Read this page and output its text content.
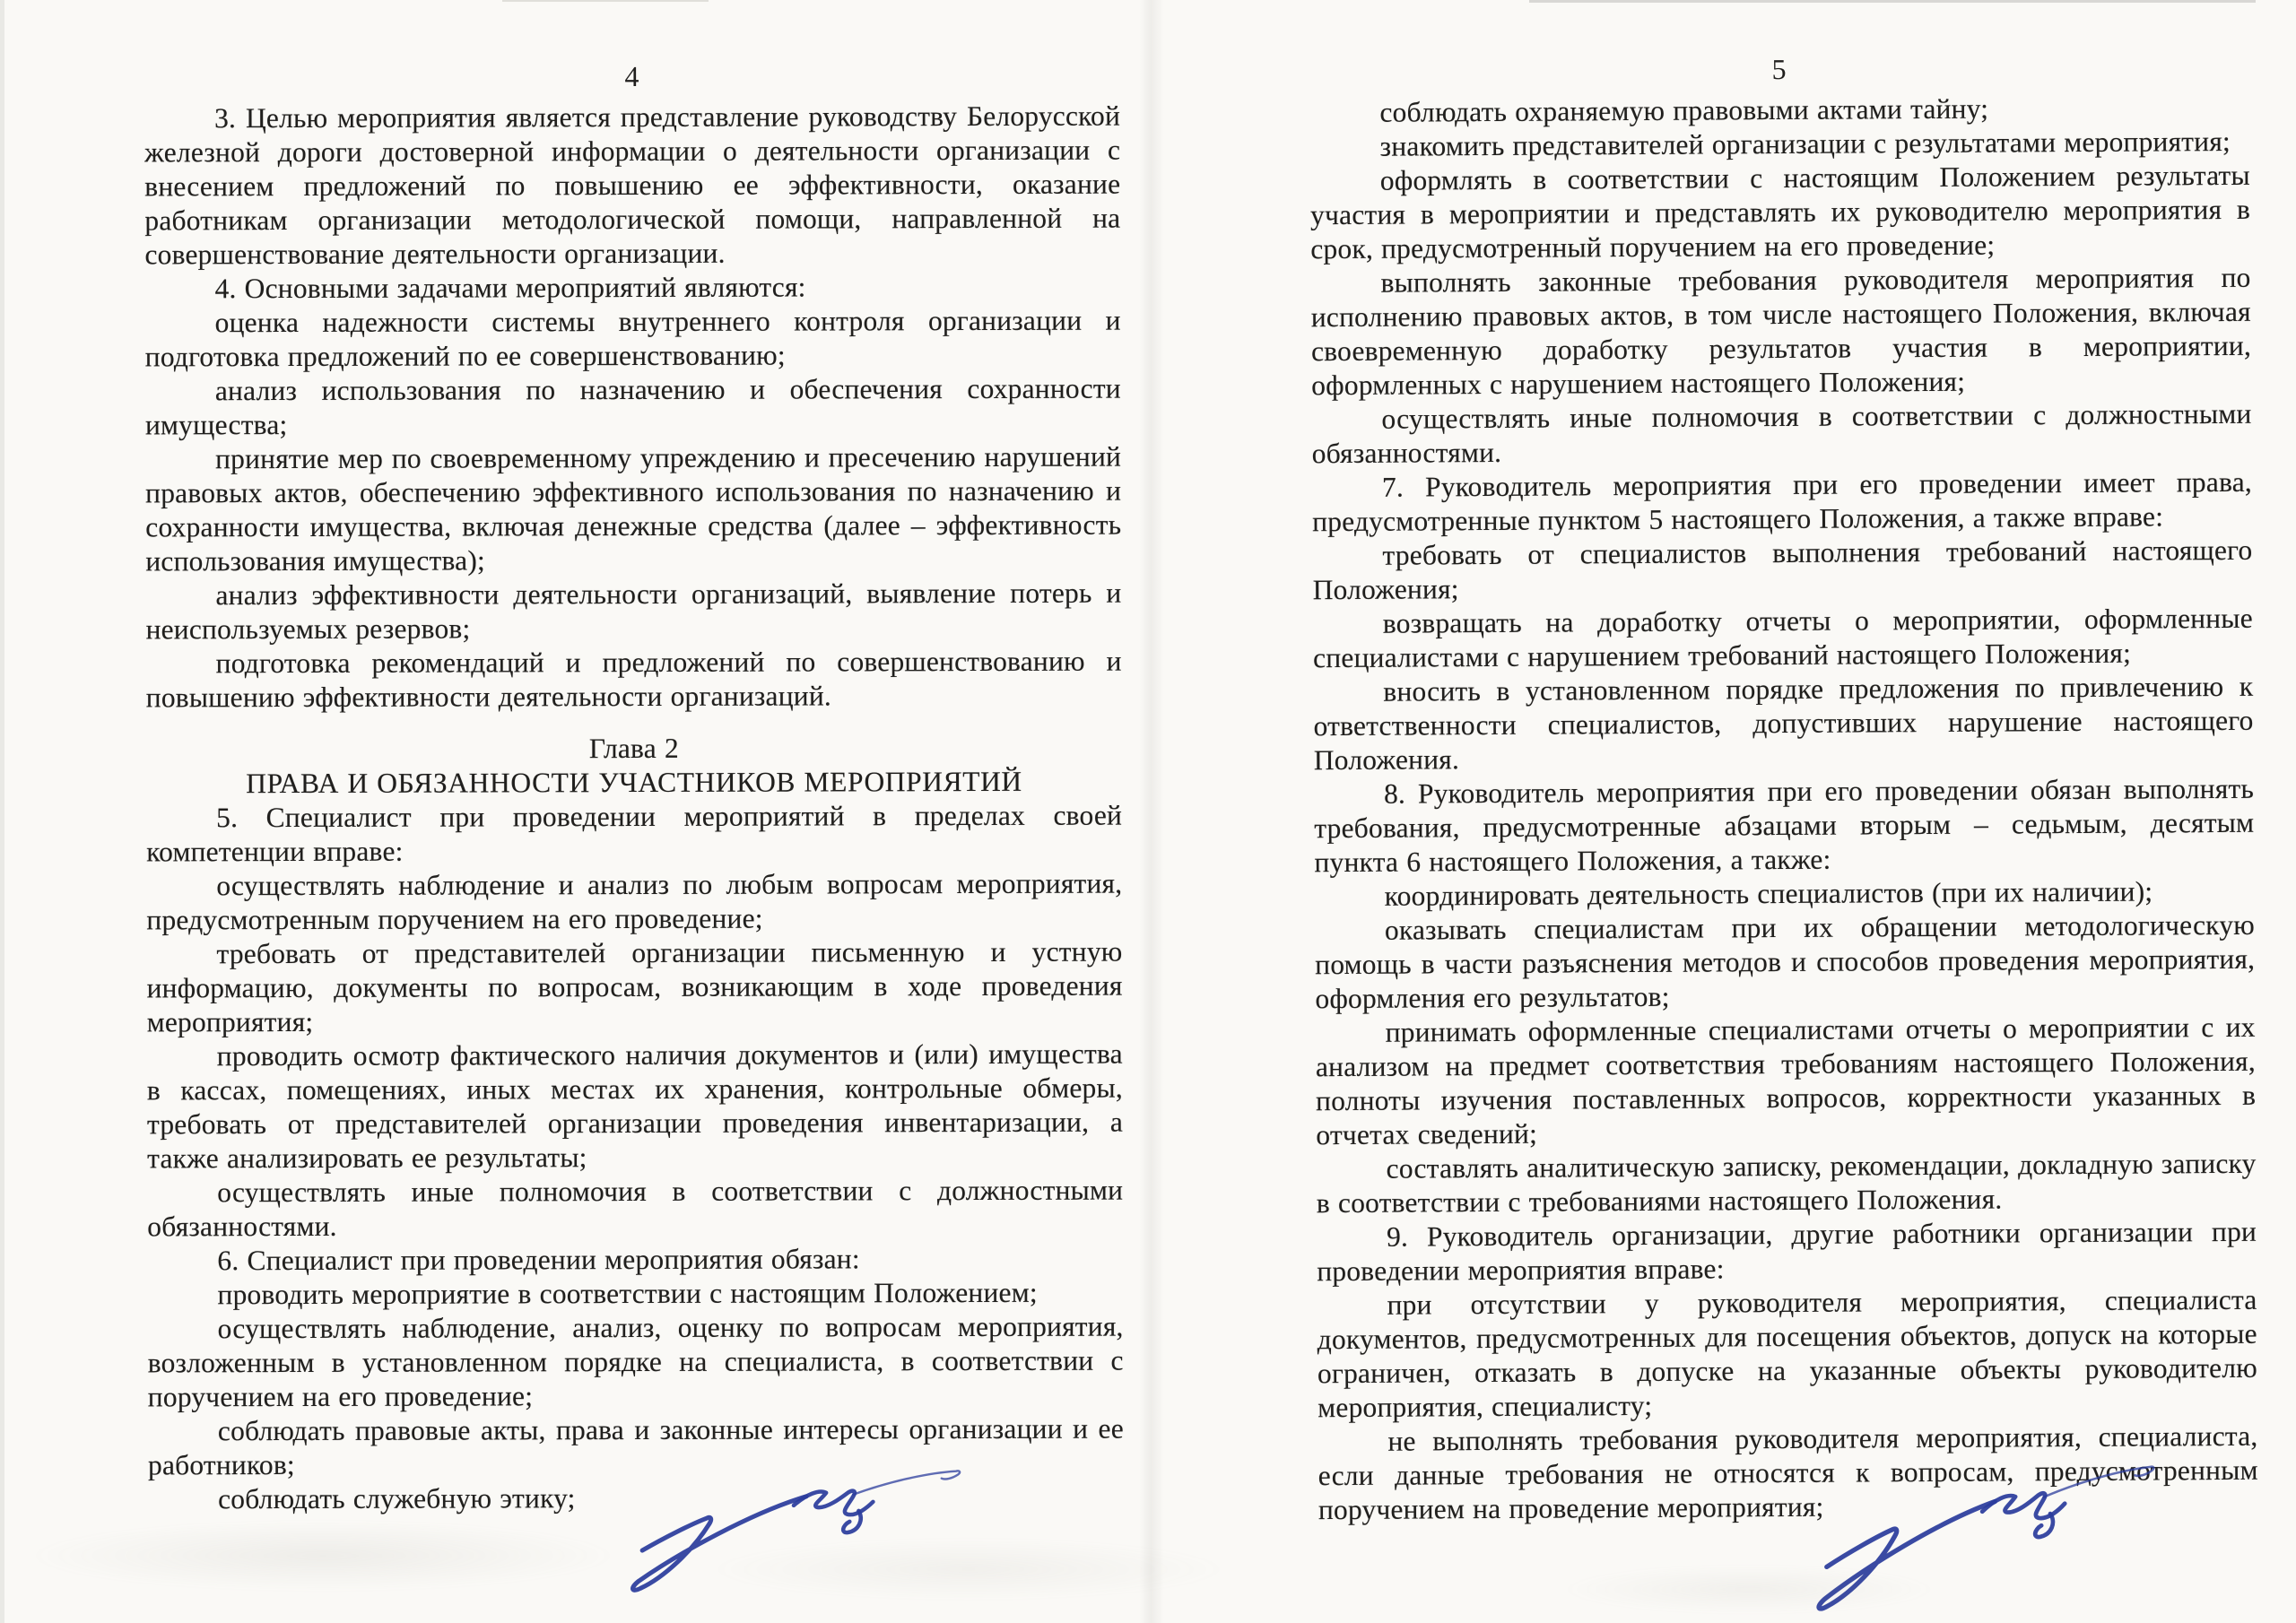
4

3. Целью мероприятия является представление руководству Белорусской железной дороги достоверной информации о деятельности организации с внесением предложений по повышению ее эффективности, оказание работникам организации методологической помощи, направленной на совершенствование деятельности организации.

4. Основными задачами мероприятий являются:

оценка надежности системы внутреннего контроля организации и подготовка предложений по ее совершенствованию;

анализ использования по назначению и обеспечения сохранности имущества;

принятие мер по своевременному упреждению и пресечению нарушений правовых актов, обеспечению эффективного использования по назначению и сохранности имущества, включая денежные средства (далее – эффективность использования имущества);

анализ эффективности деятельности организаций, выявление потерь и неиспользуемых резервов;

подготовка рекомендаций и предложений по совершенствованию и повышению эффективности деятельности организаций.

Глава 2

ПРАВА И ОБЯЗАННОСТИ УЧАСТНИКОВ МЕРОПРИЯТИЙ

5. Специалист при проведении мероприятий в пределах своей компетенции вправе:

осуществлять наблюдение и анализ по любым вопросам мероприятия, предусмотренным поручением на его проведение;

требовать от представителей организации письменную и устную информацию, документы по вопросам, возникающим в ходе проведения мероприятия;

проводить осмотр фактического наличия документов и (или) имущества в кассах, помещениях, иных местах их хранения, контрольные обмеры, требовать от представителей организации проведения инвентаризации, а также анализировать ее результаты;

осуществлять иные полномочия в соответствии с должностными обязанностями.

6. Специалист при проведении мероприятия обязан:

проводить мероприятие в соответствии с настоящим Положением;

осуществлять наблюдение, анализ, оценку по вопросам мероприятия, возложенным в установленном порядке на специалиста, в соответствии с поручением на его проведение;

соблюдать правовые акты, права и законные интересы организации и ее работников;

соблюдать служебную этику;

5

соблюдать охраняемую правовыми актами тайну;

знакомить представителей организации с результатами мероприятия;

оформлять в соответствии с настоящим Положением результаты участия в мероприятии и представлять их руководителю мероприятия в срок, предусмотренный поручением на его проведение;

выполнять законные требования руководителя мероприятия по исполнению правовых актов, в том числе настоящего Положения, включая своевременную доработку результатов участия в мероприятии, оформленных с нарушением настоящего Положения;

осуществлять иные полномочия в соответствии с должностными обязанностями.

7. Руководитель мероприятия при его проведении имеет права, предусмотренные пунктом 5 настоящего Положения, а также вправе:

требовать от специалистов выполнения требований настоящего Положения;

возвращать на доработку отчеты о мероприятии, оформленные специалистами с нарушением требований настоящего Положения;

вносить в установленном порядке предложения по привлечению к ответственности специалистов, допустивших нарушение настоящего Положения.

8. Руководитель мероприятия при его проведении обязан выполнять требования, предусмотренные абзацами вторым – седьмым, десятым пункта 6 настоящего Положения, а также:

координировать деятельность специалистов (при их наличии);

оказывать специалистам при их обращении методологическую помощь в части разъяснения методов и способов проведения мероприятия, оформления его результатов;

принимать оформленные специалистами отчеты о мероприятии с их анализом на предмет соответствия требованиям настоящего Положения, полноты изучения поставленных вопросов, корректности указанных в отчетах сведений;

составлять аналитическую записку, рекомендации, докладную записку в соответствии с требованиями настоящего Положения.

9. Руководитель организации, другие работники организации при проведении мероприятия вправе:

при отсутствии у руководителя мероприятия, специалиста документов, предусмотренных для посещения объектов, допуск на которые ограничен, отказать в допуске на указанные объекты руководителю мероприятия, специалисту;

не выполнять требования руководителя мероприятия, специалиста, если данные требования не относятся к вопросам, предусмотренным поручением на проведение мероприятия;
